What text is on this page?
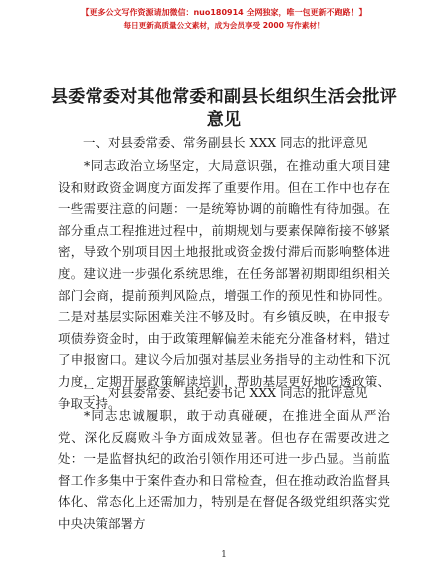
【更多公文写作资源请加微信：nuo180914 全网独家，唯一包更新不跑路！】
每日更新高质量公文素材，成为会员享受 2000 写作素材！
县委常委对其他常委和副县长组织生活会批评意见
一、对县委常委、常务副县长 XXX 同志的批评意见

*同志政治立场坚定，大局意识强，在推动重大项目建设和财政资金调度方面发挥了重要作用。但在工作中也存在一些需要注意的问题：一是统筹协调的前瞻性有待加强。在部分重点工程推进过程中，前期规划与要素保障衔接不够紧密，导致个别项目因土地报批或资金拨付滞后而影响整体进度。建议进一步强化系统思维，在任务部署初期即组织相关部门会商，提前预判风险点，增强工作的预见性和协同性。二是对基层实际困难关注不够及时。有乡镇反映，在申报专项债券资金时，由于政策理解偏差未能充分准备材料，错过了申报窗口。建议今后加强对基层业务指导的主动性和下沉力度，定期开展政策解读培训，帮助基层更好地吃透政策、争取支持。

二、对县委常委、县纪委书记 XXX 同志的批评意见

*同志忠诚履职，敢于动真碰硬，在推进全面从严治党、深化反腐败斗争方面成效显著。但也存在需要改进之处：一是监督执纪的政治引领作用还可进一步凸显。当前监督工作多集中于案件查办和日常检查，但在推动政治监督具体化、常态化上还需加力，特别是在督促各级党组织落实党中央决策部署方

1
